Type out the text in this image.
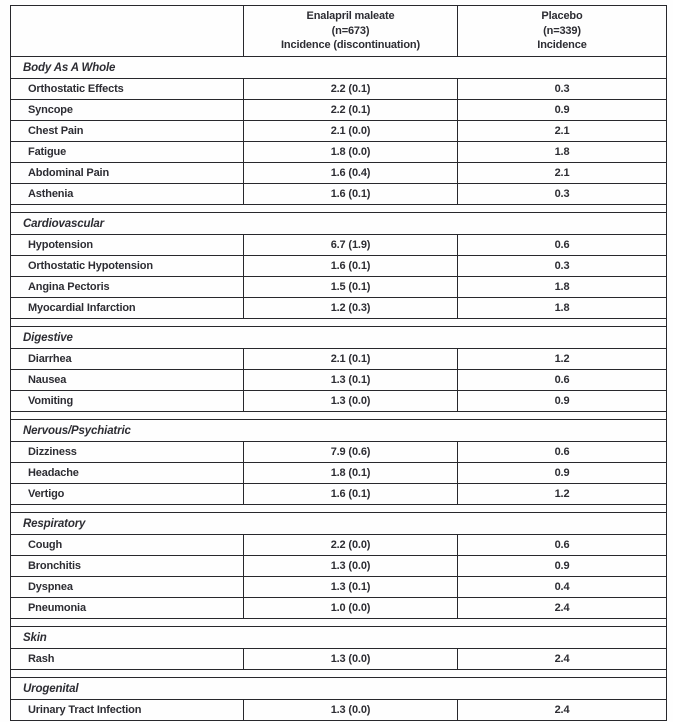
	Enalapril maleate
(n=673)
Incidence (discontinuation)	Placebo
(n=339)
Incidence
Body As A Whole		
Orthostatic Effects	2.2 (0.1)	0.3
Syncope	2.2 (0.1)	0.9
Chest Pain	2.1 (0.0)	2.1
Fatigue	1.8 (0.0)	1.8
Abdominal Pain	1.6 (0.4)	2.1
Asthenia	1.6 (0.1)	0.3

Cardiovascular		
Hypotension	6.7 (1.9)	0.6
Orthostatic Hypotension	1.6 (0.1)	0.3
Angina Pectoris	1.5 (0.1)	1.8
Myocardial Infarction	1.2 (0.3)	1.8

Digestive		
Diarrhea	2.1 (0.1)	1.2
Nausea	1.3 (0.1)	0.6
Vomiting	1.3 (0.0)	0.9

Nervous/Psychiatric		
Dizziness	7.9 (0.6)	0.6
Headache	1.8 (0.1)	0.9
Vertigo	1.6 (0.1)	1.2

Respiratory		
Cough	2.2 (0.0)	0.6
Bronchitis	1.3 (0.0)	0.9
Dyspnea	1.3 (0.1)	0.4
Pneumonia	1.0 (0.0)	2.4

Skin		
Rash	1.3 (0.0)	2.4

Urogenital		
Urinary Tract Infection	1.3 (0.0)	2.4
